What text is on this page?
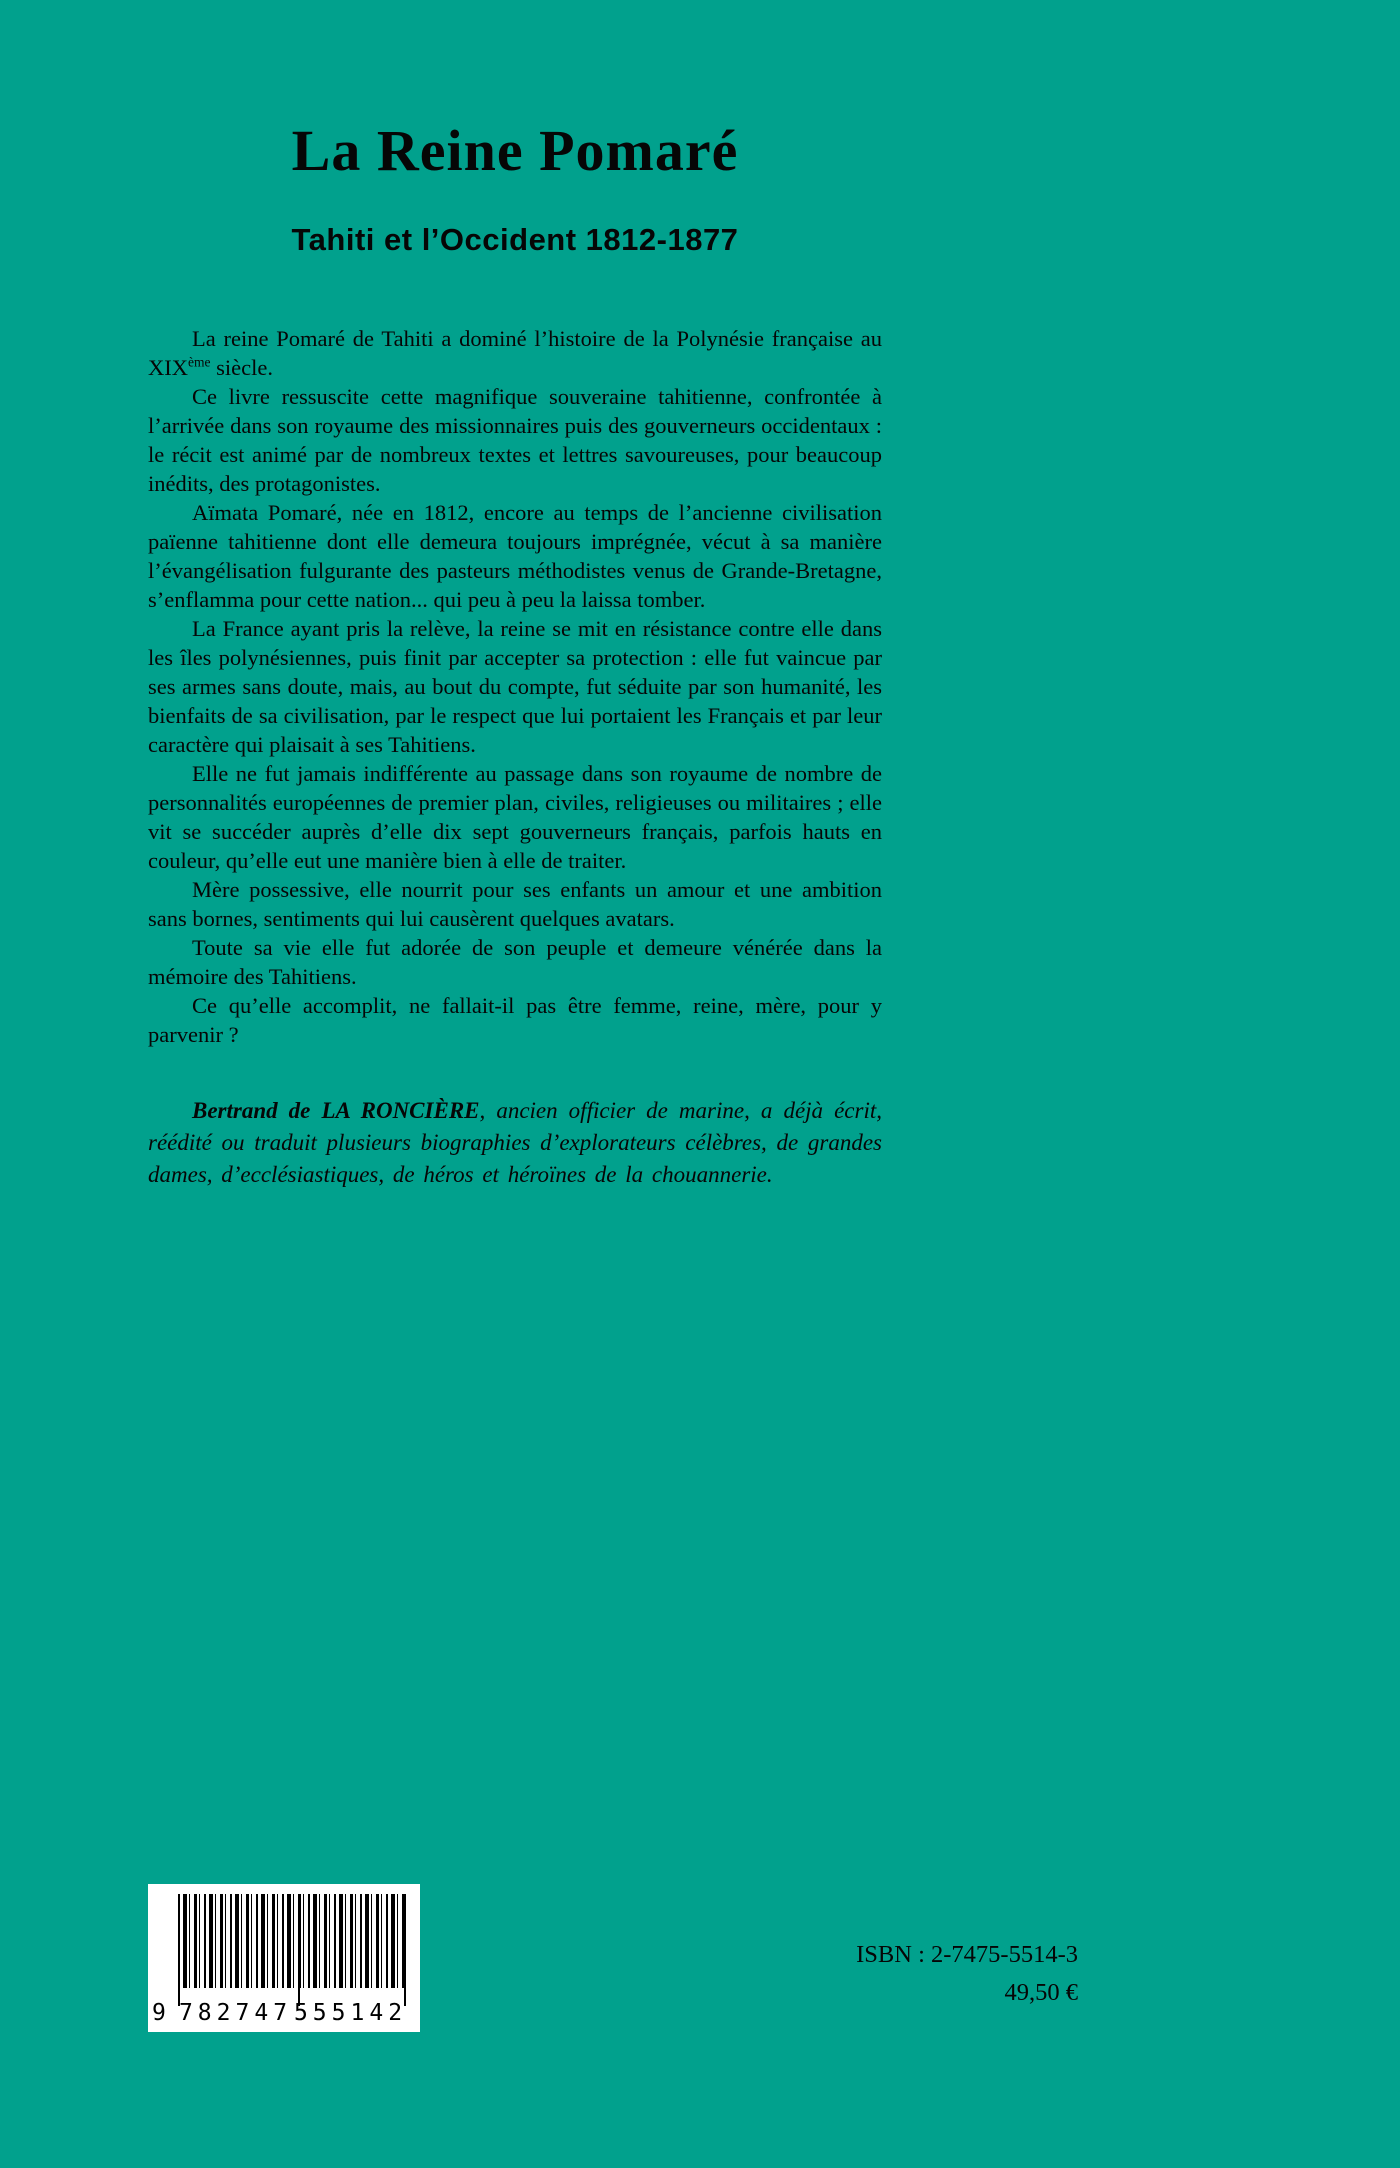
La Reine Pomaré
Tahiti et l’Occident 1812-1877

La reine Pomaré de Tahiti a dominé l’histoire de la Polynésie française au XIXème siècle.

Ce livre ressuscite cette magnifique souveraine tahitienne, confrontée à l’arrivée dans son royaume des missionnaires puis des gouverneurs occidentaux : le récit est animé par de nombreux textes et lettres savoureuses, pour beaucoup inédits, des protagonistes.

Aïmata Pomaré, née en 1812, encore au temps de l’ancienne civilisation païenne tahitienne dont elle demeura toujours imprégnée, vécut à sa manière l’évangélisation fulgurante des pasteurs méthodistes venus de Grande-Bretagne, s’enflamma pour cette nation... qui peu à peu la laissa tomber.

La France ayant pris la relève, la reine se mit en résistance contre elle dans les îles polynésiennes, puis finit par accepter sa protection : elle fut vaincue par ses armes sans doute, mais, au bout du compte, fut séduite par son humanité, les bienfaits de sa civilisation, par le respect que lui portaient les Français et par leur caractère qui plaisait à ses Tahitiens.

Elle ne fut jamais indifférente au passage dans son royaume de nombre de personnalités européennes de premier plan, civiles, religieuses ou militaires ; elle vit se succéder auprès d’elle dix sept gouverneurs français, parfois hauts en couleur, qu’elle eut une manière bien à elle de traiter.

Mère possessive, elle nourrit pour ses enfants un amour et une ambition sans bornes, sentiments qui lui causèrent quelques avatars.

Toute sa vie elle fut adorée de son peuple et demeure vénérée dans la mémoire des Tahitiens.

Ce qu’elle accomplit, ne fallait-il pas être femme, reine, mère, pour y parvenir ?

Bertrand de LA RONCIÈRE, ancien officier de marine, a déjà écrit, réédité ou traduit plusieurs biographies d’explorateurs célèbres, de grandes dames, d’ecclésiastiques, de héros et héroïnes de la chouannerie.

9 782747 555142
ISBN : 2-7475-5514-3
49,50 €
